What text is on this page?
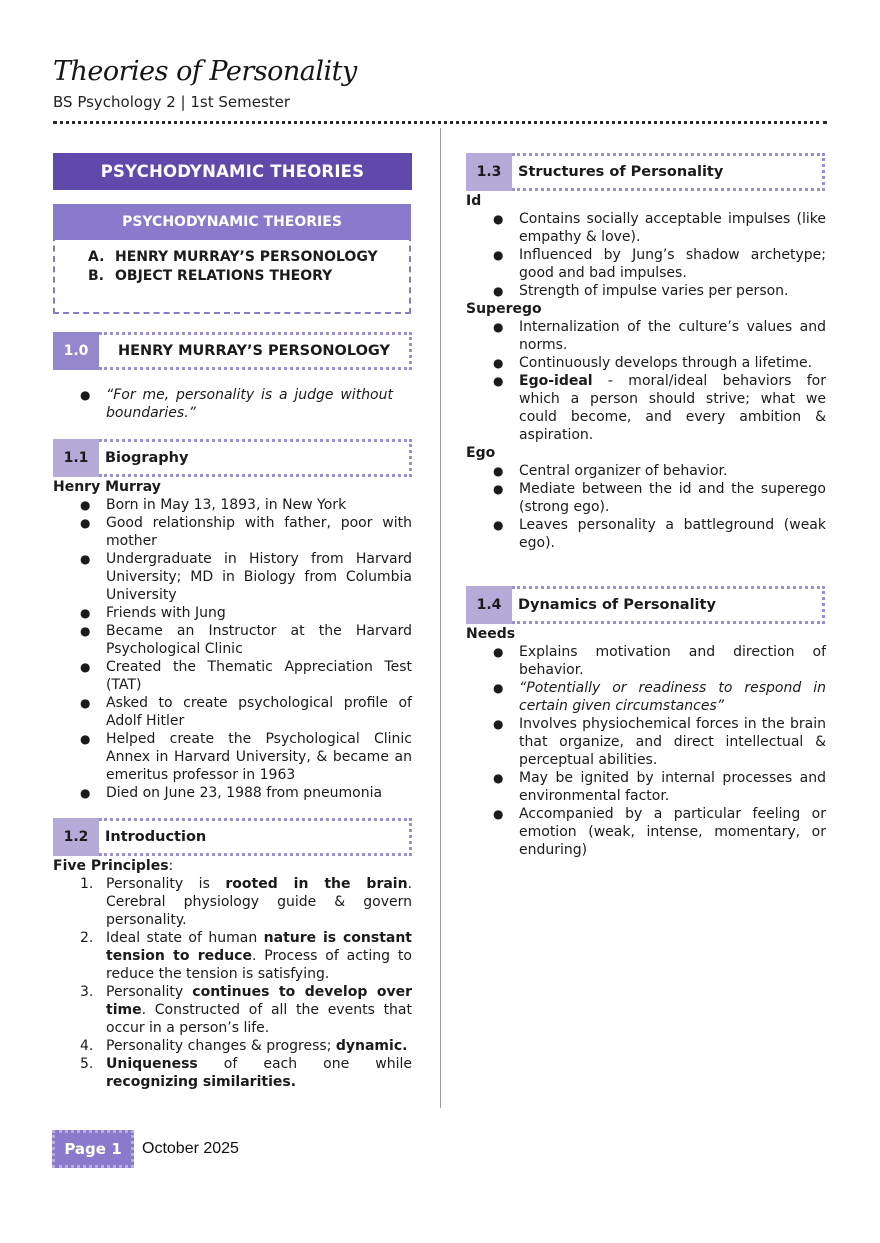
Theories of Personality
BS Psychology 2 | 1st Semester
PSYCHODYNAMIC THEORIES
PSYCHODYNAMIC THEORIES
A. HENRY MURRAY’S PERSONOLOGY
B. OBJECT RELATIONS THEORY
1.0	HENRY MURRAY’S PERSONOLOGY
● “For me, personality is a judge without boundaries.”
1.1	Biography
Henry Murray
● Born in May 13, 1893, in New York
● Good relationship with father, poor with mother
● Undergraduate in History from Harvard University; MD in Biology from Columbia University
● Friends with Jung
● Became an Instructor at the Harvard Psychological Clinic
● Created the Thematic Appreciation Test (TAT)
● Asked to create psychological profile of Adolf Hitler
● Helped create the Psychological Clinic Annex in Harvard University, & became an emeritus professor in 1963
● Died on June 23, 1988 from pneumonia
1.2	Introduction
Five Principles:
1. Personality is rooted in the brain. Cerebral physiology guide & govern personality.
2. Ideal state of human nature is constant tension to reduce. Process of acting to reduce the tension is satisfying.
3. Personality continues to develop over time. Constructed of all the events that occur in a person’s life.
4. Personality changes & progress; dynamic.
5. Uniqueness of each one while recognizing similarities.
1.3	Structures of Personality
Id
● Contains socially acceptable impulses (like empathy & love).
● Influenced by Jung’s shadow archetype; good and bad impulses.
● Strength of impulse varies per person.
Superego
● Internalization of the culture’s values and norms.
● Continuously develops through a lifetime.
● Ego-ideal - moral/ideal behaviors for which a person should strive; what we could become, and every ambition & aspiration.
Ego
● Central organizer of behavior.
● Mediate between the id and the superego (strong ego).
● Leaves personality a battleground (weak ego).
1.4	Dynamics of Personality
Needs
● Explains motivation and direction of behavior.
● “Potentially or readiness to respond in certain given circumstances”
● Involves physiochemical forces in the brain that organize, and direct intellectual & perceptual abilities.
● May be ignited by internal processes and environmental factor.
● Accompanied by a particular feeling or emotion (weak, intense, momentary, or enduring)
Page 1	October 2025
